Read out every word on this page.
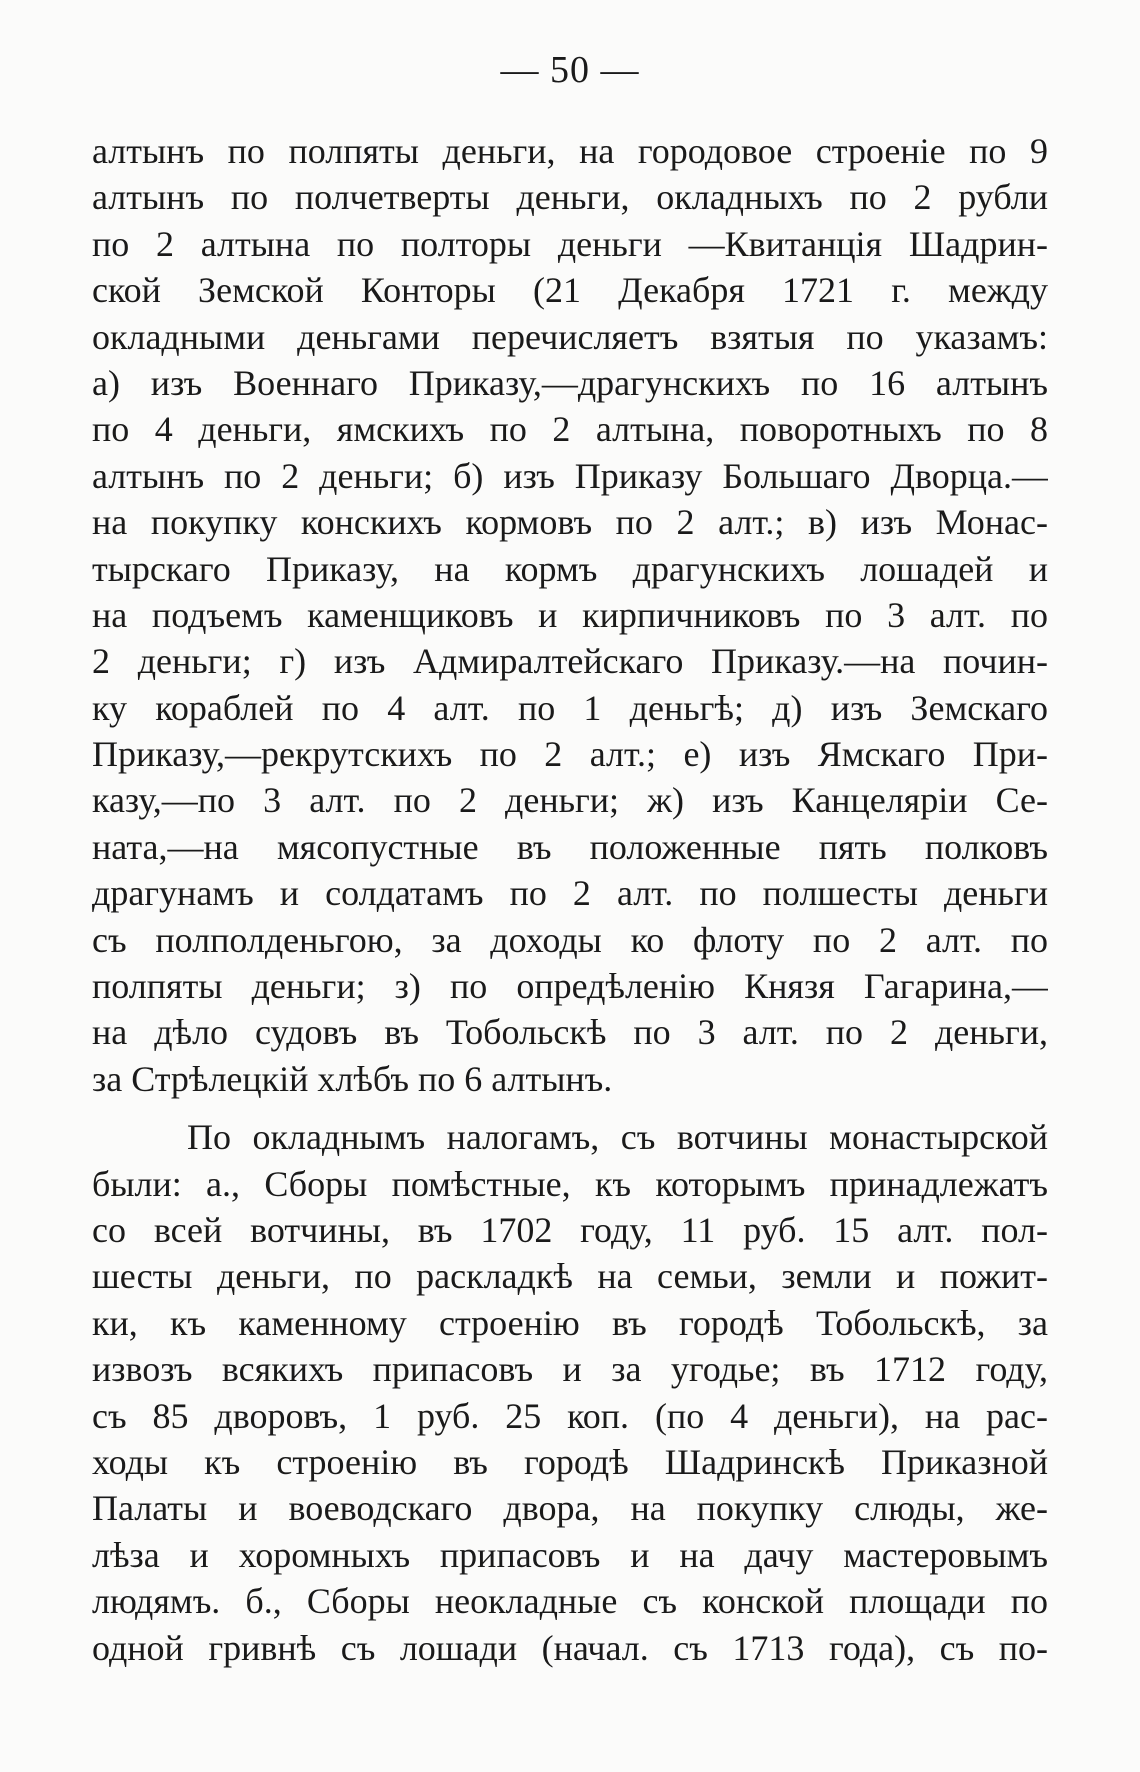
— 50 —
алтынъ по полпяты деньги, на городовое строеніе по 9
алтынъ по полчетверты деньги, окладныхъ по 2 рубли
по 2 алтына по полторы деньги —Квитанція Шадрин-
ской Земской Конторы (21 Декабря 1721 г. между
окладными деньгами перечисляетъ взятыя по указамъ:
а) изъ Военнаго Приказу,—драгунскихъ по 16 алтынъ
по 4 деньги, ямскихъ по 2 алтына, поворотныхъ по 8
алтынъ по 2 деньги; б) изъ Приказу Большаго Дворца.—
на покупку конскихъ кормовъ по 2 алт.; в) изъ Монас-
тырскаго Приказу, на кормъ драгунскихъ лошадей и
на подъемъ каменщиковъ и кирпичниковъ по 3 алт. по
2 деньги; г) изъ Адмиралтейскаго Приказу.—на почин-
ку кораблей по 4 алт. по 1 деньгѣ; д) изъ Земскаго
Приказу,—рекрутскихъ по 2 алт.; е) изъ Ямскаго При-
казу,—по 3 алт. по 2 деньги; ж) изъ Канцеляріи Се-
ната,—на мясопустные въ положенные пять полковъ
драгунамъ и солдатамъ по 2 алт. по полшесты деньги
съ полполденьгою, за доходы ко флоту по 2 алт. по
полпяты деньги; з) по опредѣленію Князя Гагарина,—
на дѣло судовъ въ Тобольскѣ по 3 алт. по 2 деньги,
за Стрѣлецкій хлѣбъ по 6 алтынъ.
По окладнымъ налогамъ, съ вотчины монастырской
были: а., Сборы помѣстные, къ которымъ принадлежатъ
со всей вотчины, въ 1702 году, 11 руб. 15 алт. пол-
шесты деньги, по раскладкѣ на семьи, земли и пожит-
ки, къ каменному строенію въ городѣ Тобольскѣ, за
извозъ всякихъ припасовъ и за угодье; въ 1712 году,
съ 85 дворовъ, 1 руб. 25 коп. (по 4 деньги), на рас-
ходы къ строенію въ городѣ Шадринскѣ Приказной
Палаты и воеводскаго двора, на покупку слюды, же-
лѣза и хоромныхъ припасовъ и на дачу мастеровымъ
людямъ. б., Сборы неокладные съ конской площади по
одной гривнѣ съ лошади (начал. съ 1713 года), съ по-
